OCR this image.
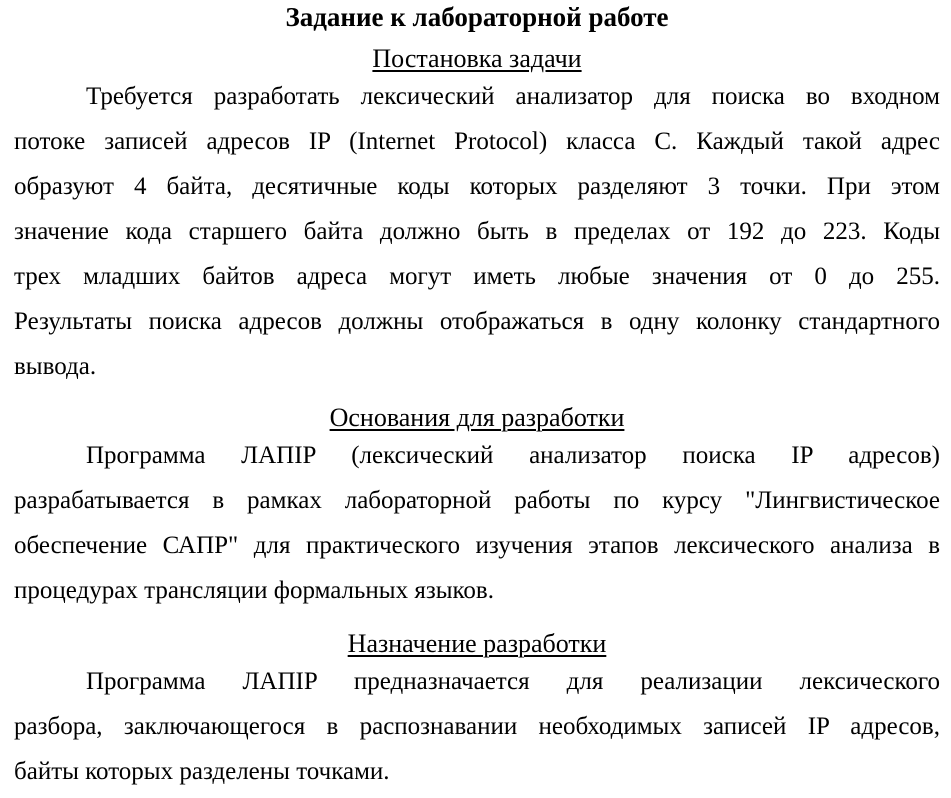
Задание к лабораторной работе
Постановка задачи
Требуется разработать лексический анализатор для поиска во входном
потоке записей адресов IP (Internet Protocol) класса C. Каждый такой адрес
образуют 4 байта, десятичные коды которых разделяют 3 точки. При этом
значение кода старшего байта должно быть в пределах от 192 до 223. Коды
трех младших байтов адреса могут иметь любые значения от 0 до 255.
Результаты поиска адресов должны отображаться в одну колонку стандартного
вывода.
Основания для разработки
Программа ЛАПIP (лексический анализатор поиска IP адресов)
разрабатывается в рамках лабораторной работы по курсу "Лингвистическое
обеспечение САПР" для практического изучения этапов лексического анализа в
процедурах трансляции формальных языков.
Назначение разработки
Программа ЛАПIP предназначается для реализации лексического
разбора, заключающегося в распознавании необходимых записей IP адресов,
байты которых разделены точками.
